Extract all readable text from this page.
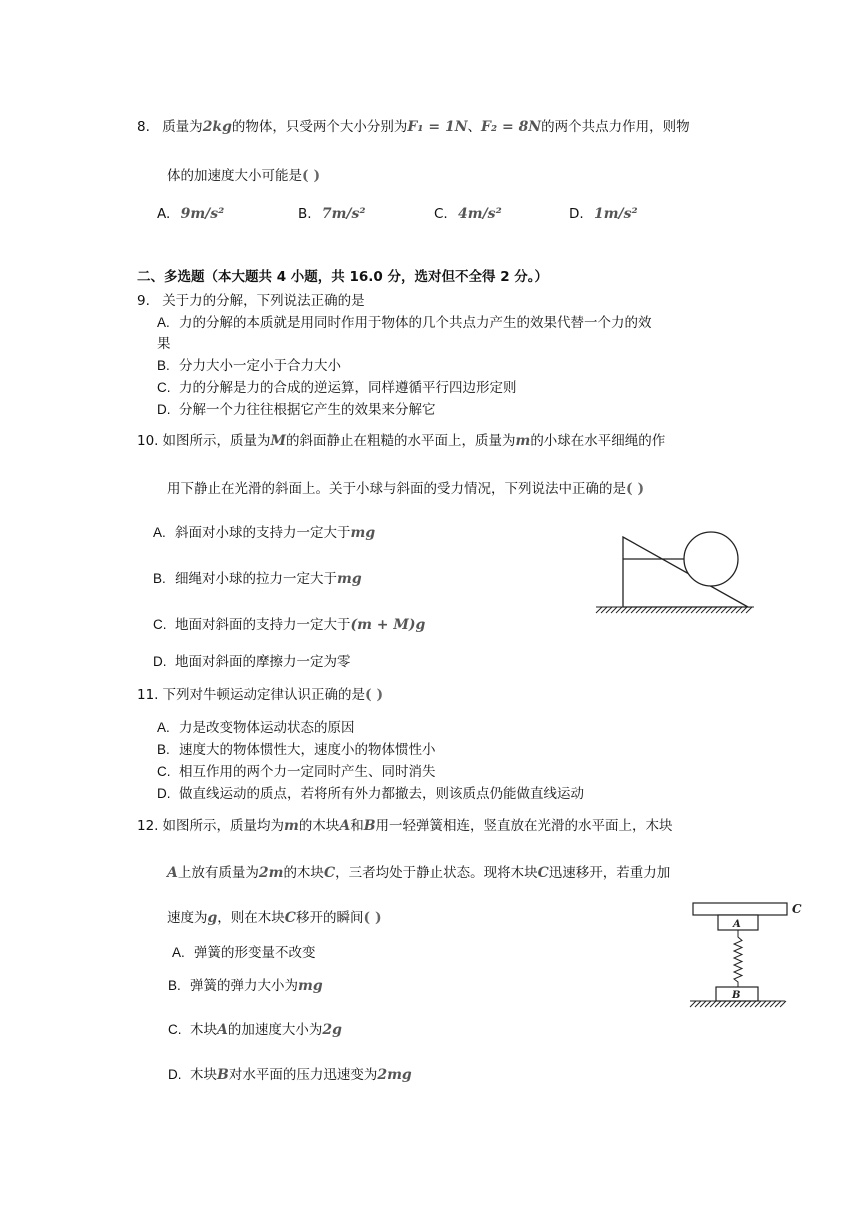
8. 质量为2kg的物体，只受两个大小分别为F₁ = 1N、F₂ = 8N的两个共点力作用，则物
体的加速度大小可能是( )
A. 9m/s²	B. 7m/s²	C. 4m/s²	D. 1m/s²
二、多选题（本大题共 4 小题，共 16.0 分，选对但不全得 2 分。）
9. 关于力的分解，下列说法正确的是
A. 力的分解的本质就是用同时作用于物体的几个共点力产生的效果代替一个力的效
果
B. 分力大小一定小于合力大小
C. 力的分解是力的合成的逆运算，同样遵循平行四边形定则
D. 分解一个力往往根据它产生的效果来分解它
10. 如图所示，质量为M的斜面静止在粗糙的水平面上，质量为m的小球在水平细绳的作
用下静止在光滑的斜面上。关于小球与斜面的受力情况，下列说法中正确的是( )
A. 斜面对小球的支持力一定大于mg
B. 细绳对小球的拉力一定大于mg
C. 地面对斜面的支持力一定大于(m + M)g
D. 地面对斜面的摩擦力一定为零
11. 下列对牛顿运动定律认识正确的是( )
A. 力是改变物体运动状态的原因
B. 速度大的物体惯性大，速度小的物体惯性小
C. 相互作用的两个力一定同时产生、同时消失
D. 做直线运动的质点，若将所有外力都撤去，则该质点仍能做直线运动
12. 如图所示，质量均为m的木块A和B用一轻弹簧相连，竖直放在光滑的水平面上，木块
A上放有质量为2m的木块C，三者均处于静止状态。现将木块C迅速移开，若重力加
速度为g，则在木块C移开的瞬间( )
A. 弹簧的形变量不改变
B. 弹簧的弹力大小为mg
C. 木块A的加速度大小为2g
D. 木块B对水平面的压力迅速变为2mg
C
A
B
